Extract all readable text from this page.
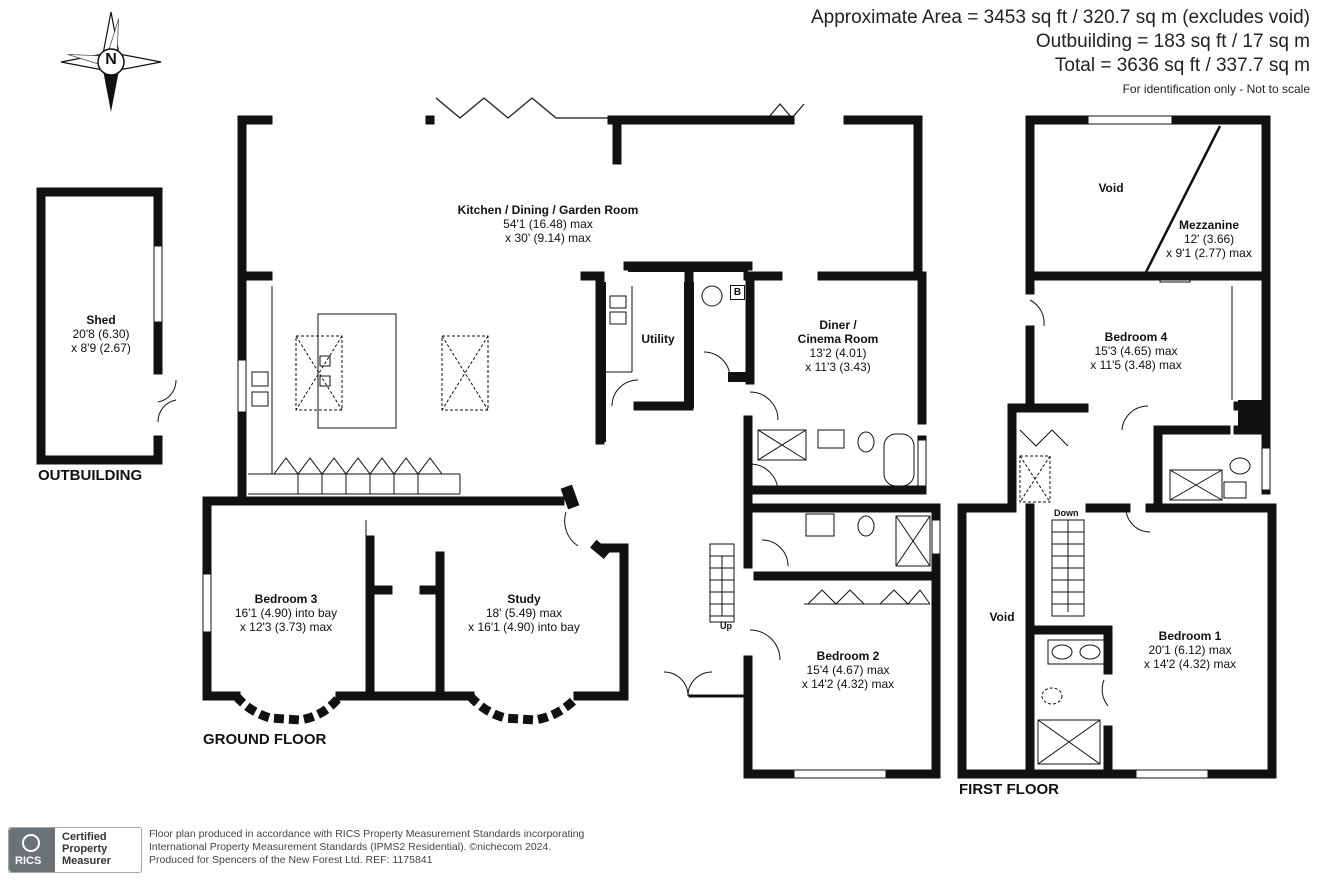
N
Approximate Area = 3453 sq ft / 320.7 sq m (excludes void)
Outbuilding = 183 sq ft / 17 sq m
Total = 3636 sq ft / 337.7 sq m
For identification only - Not to scale
OUTBUILDING
GROUND FLOOR
FIRST FLOOR
Shed
20'8 (6.30)
x 8'9 (2.67)
Kitchen / Dining / Garden Room
54'1 (16.48) max
x 30' (9.14) max
Utility
Diner /
Cinema Room
13'2 (4.01)
x 11'3 (3.43)
Bedroom 3
16'1 (4.90) into bay
x 12'3 (3.73) max
Study
18' (5.49) max
x 16'1 (4.90) into bay
Bedroom 2
15'4 (4.67) max
x 14'2 (4.32) max
Void
Mezzanine
12' (3.66)
x 9'1 (2.77) max
Bedroom 4
15'3 (4.65) max
x 11'5 (3.48) max
Void
Bedroom 1
20'1 (6.12) max
x 14'2 (4.32) max
B
Up
Down
RICS
Certified
Property
Measurer
Floor plan produced in accordance with RICS Property Measurement Standards incorporating
International Property Measurement Standards (IPMS2 Residential). ©nichecom 2024.
Produced for Spencers of the New Forest Ltd. REF: 1175841
